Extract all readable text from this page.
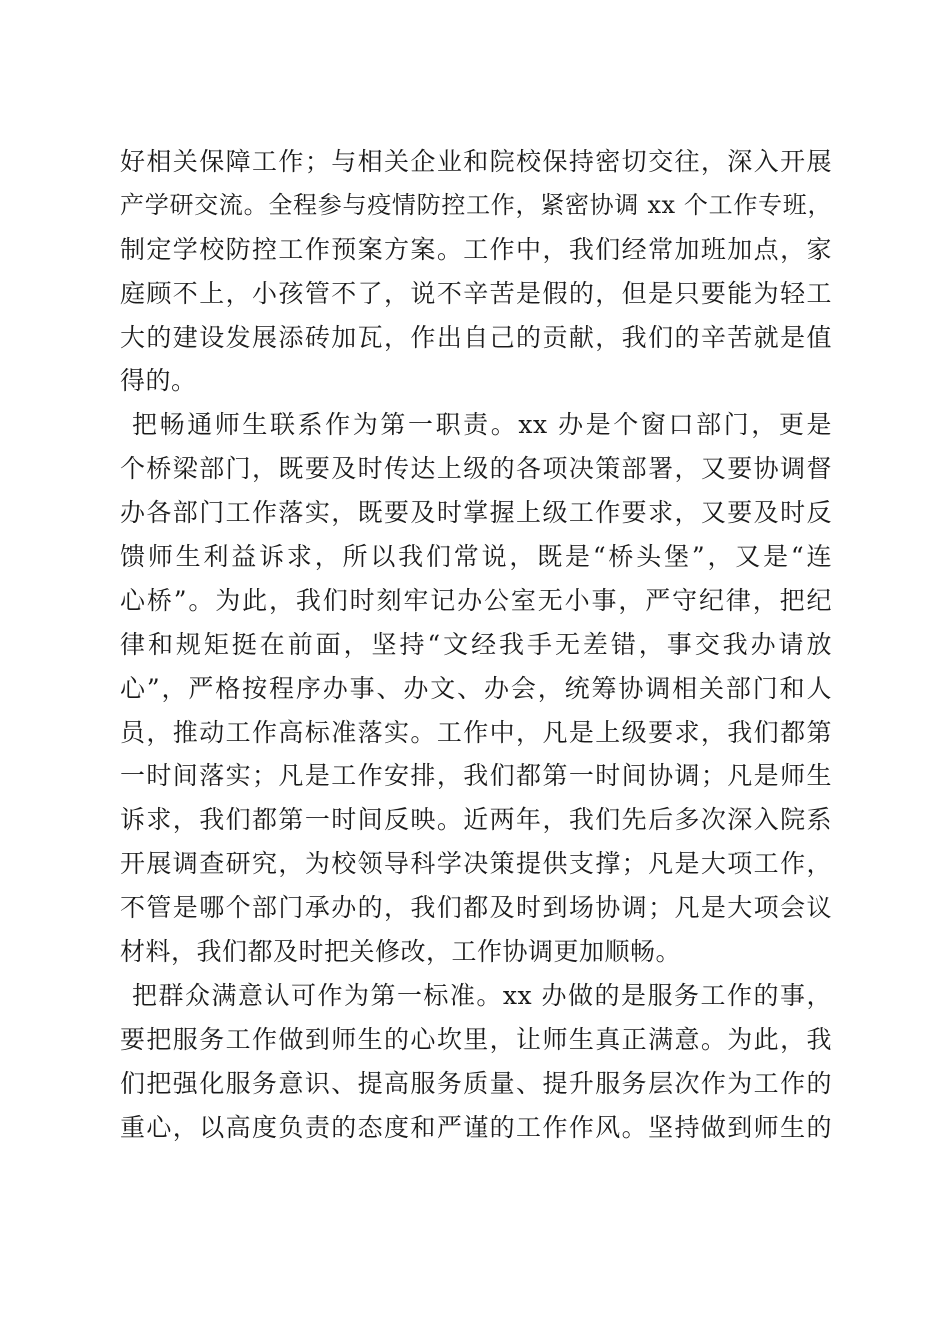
好相关保障工作；与相关企业和院校保持密切交往，深入开展
产学研交流。全程参与疫情防控工作，紧密协调 xx 个工作专班，
制定学校防控工作预案方案。工作中，我们经常加班加点，家
庭顾不上，小孩管不了，说不辛苦是假的，但是只要能为轻工
大的建设发展添砖加瓦，作出自己的贡献，我们的辛苦就是值
得的。
把畅通师生联系作为第一职责。xx 办是个窗口部门，更是
个桥梁部门，既要及时传达上级的各项决策部署，又要协调督
办各部门工作落实，既要及时掌握上级工作要求，又要及时反
馈师生利益诉求，所以我们常说，既是“桥头堡”，又是“连
心桥”。为此，我们时刻牢记办公室无小事，严守纪律，把纪
律和规矩挺在前面，坚持“文经我手无差错，事交我办请放
心”，严格按程序办事、办文、办会，统筹协调相关部门和人
员，推动工作高标准落实。工作中，凡是上级要求，我们都第
一时间落实；凡是工作安排，我们都第一时间协调；凡是师生
诉求，我们都第一时间反映。近两年，我们先后多次深入院系
开展调查研究，为校领导科学决策提供支撑；凡是大项工作，
不管是哪个部门承办的，我们都及时到场协调；凡是大项会议
材料，我们都及时把关修改，工作协调更加顺畅。
把群众满意认可作为第一标准。xx 办做的是服务工作的事，
要把服务工作做到师生的心坎里，让师生真正满意。为此，我
们把强化服务意识、提高服务质量、提升服务层次作为工作的
重心，以高度负责的态度和严谨的工作作风。坚持做到师生的
